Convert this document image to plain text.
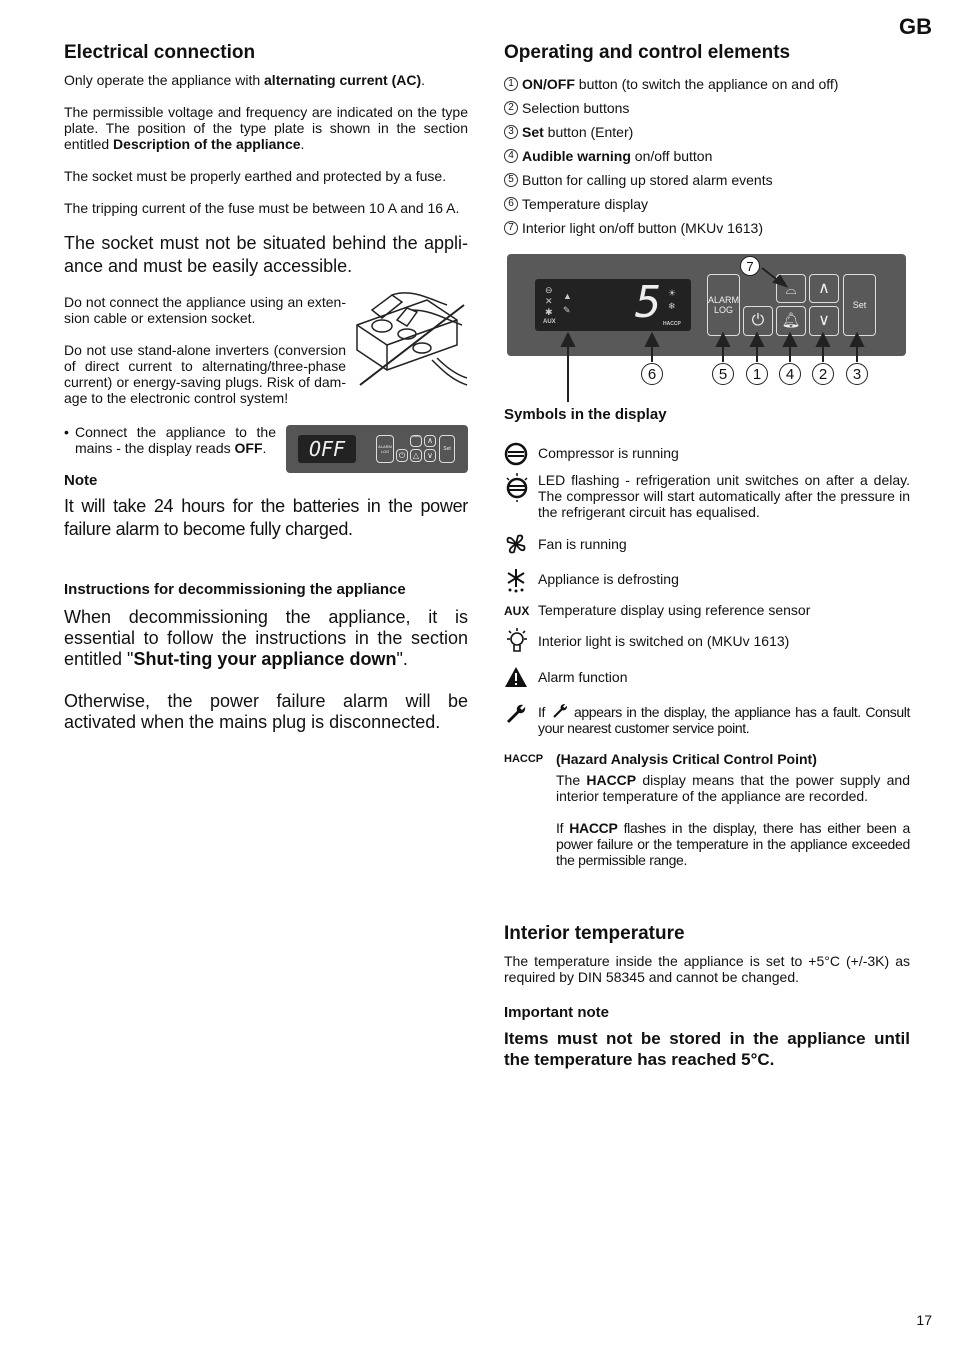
GB
17
Electrical connection

Only operate the appliance with alternating current (AC).

The permissible voltage and frequency are indicated on the type plate. The position of the type plate is shown in the section entitled Description of the appliance.

The socket must be properly earthed and protected by a fuse.

The tripping current of the fuse must be between 10 A and 16 A.

The socket must not be situated behind the appli-ance and must be easily accessible.

Do not connect the appliance using an exten-sion cable or extension socket.

Do not use stand-alone inverters (conversion of direct current to alternating/three-phase current) or energy-saving plugs. Risk of dam-age to the electronic control system!

• Connect the appliance to the mains - the display reads OFF.	OFF	ALARM LOG	⏻
⌒
△
∧
∨
Set
Note

It will take 24 hours for the batteries in the power failure alarm to become fully charged.

Instructions for decommissioning the appliance

When decommissioning the appliance, it is essential to follow the instructions in the section entitled "Shut-ting your appliance down".

Otherwise, the power failure alarm will be activated when the mains plug is disconnected.

Operating and control elements
1 ON/OFF button (to switch the appliance on and off)
2 Selection buttons
3 Set button (Enter)
4 Audible warning on/off button
5 Button for calling up stored alarm events
6 Temperature display
7 Interior light on/off button (MKUv 1613)
⊖
✕
✱
▲
✎
AUX 5 ☀
❄
HACCP
ALARM LOG
⏻
⌓
🔔︎
∧
∨
Set
6	5	1	4	2	3
7
Symbols in the display
Compressor is running
LED flashing - refrigeration unit switches on after a delay. The compressor will start automatically after the pressure in the refrigerant circuit has equalised.
Fan is running
Appliance is defrosting
AUX Temperature display using reference sensor
Interior light is switched on (MKUv 1613)
Alarm function
If  appears in the display, the appliance has a fault. Consult your nearest customer service point.
HACCP (Hazard Analysis Critical Control Point)

The HACCP display means that the power supply and interior temperature of the appliance are recorded.

If HACCP flashes in the display, there has either been a power failure or the temperature in the appliance exceeded the permissible range.

Interior temperature

The temperature inside the appliance is set to +5°C (+/-3K) as required by DIN 58345 and cannot be changed.

Important note

Items must not be stored in the appliance until the temperature has reached 5°C.
